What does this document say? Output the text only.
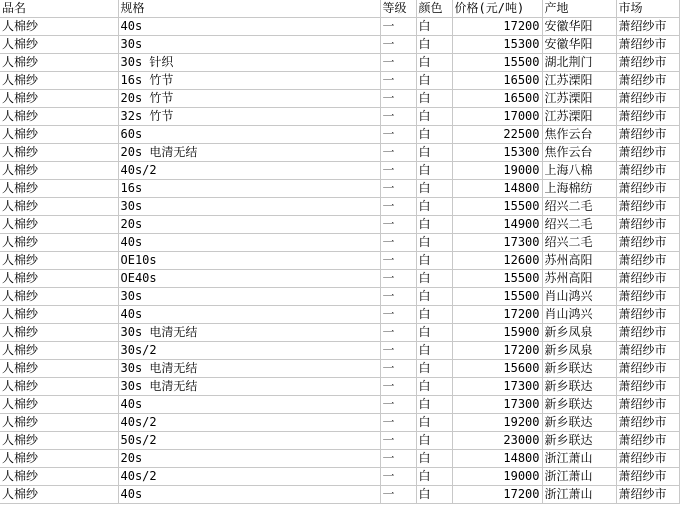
品名	规格	等级	颜色	价格(元/吨)	产地	市场
人棉纱	40s	一	白	17200	安徽华阳	萧绍纱市
人棉纱	30s	一	白	15300	安徽华阳	萧绍纱市
人棉纱	30s 针织	一	白	15500	湖北荆门	萧绍纱市
人棉纱	16s 竹节	一	白	16500	江苏溧阳	萧绍纱市
人棉纱	20s 竹节	一	白	16500	江苏溧阳	萧绍纱市
人棉纱	32s 竹节	一	白	17000	江苏溧阳	萧绍纱市
人棉纱	60s	一	白	22500	焦作云台	萧绍纱市
人棉纱	20s 电清无结	一	白	15300	焦作云台	萧绍纱市
人棉纱	40s/2	一	白	19000	上海八棉	萧绍纱市
人棉纱	16s	一	白	14800	上海棉纺	萧绍纱市
人棉纱	30s	一	白	15500	绍兴二毛	萧绍纱市
人棉纱	20s	一	白	14900	绍兴二毛	萧绍纱市
人棉纱	40s	一	白	17300	绍兴二毛	萧绍纱市
人棉纱	OE10s	一	白	12600	苏州高阳	萧绍纱市
人棉纱	OE40s	一	白	15500	苏州高阳	萧绍纱市
人棉纱	30s	一	白	15500	肖山鸿兴	萧绍纱市
人棉纱	40s	一	白	17200	肖山鸿兴	萧绍纱市
人棉纱	30s 电清无结	一	白	15900	新乡凤泉	萧绍纱市
人棉纱	30s/2	一	白	17200	新乡凤泉	萧绍纱市
人棉纱	30s 电清无结	一	白	15600	新乡联达	萧绍纱市
人棉纱	30s 电清无结	一	白	17300	新乡联达	萧绍纱市
人棉纱	40s	一	白	17300	新乡联达	萧绍纱市
人棉纱	40s/2	一	白	19200	新乡联达	萧绍纱市
人棉纱	50s/2	一	白	23000	新乡联达	萧绍纱市
人棉纱	20s	一	白	14800	浙江萧山	萧绍纱市
人棉纱	40s/2	一	白	19000	浙江萧山	萧绍纱市
人棉纱	40s	一	白	17200	浙江萧山	萧绍纱市
